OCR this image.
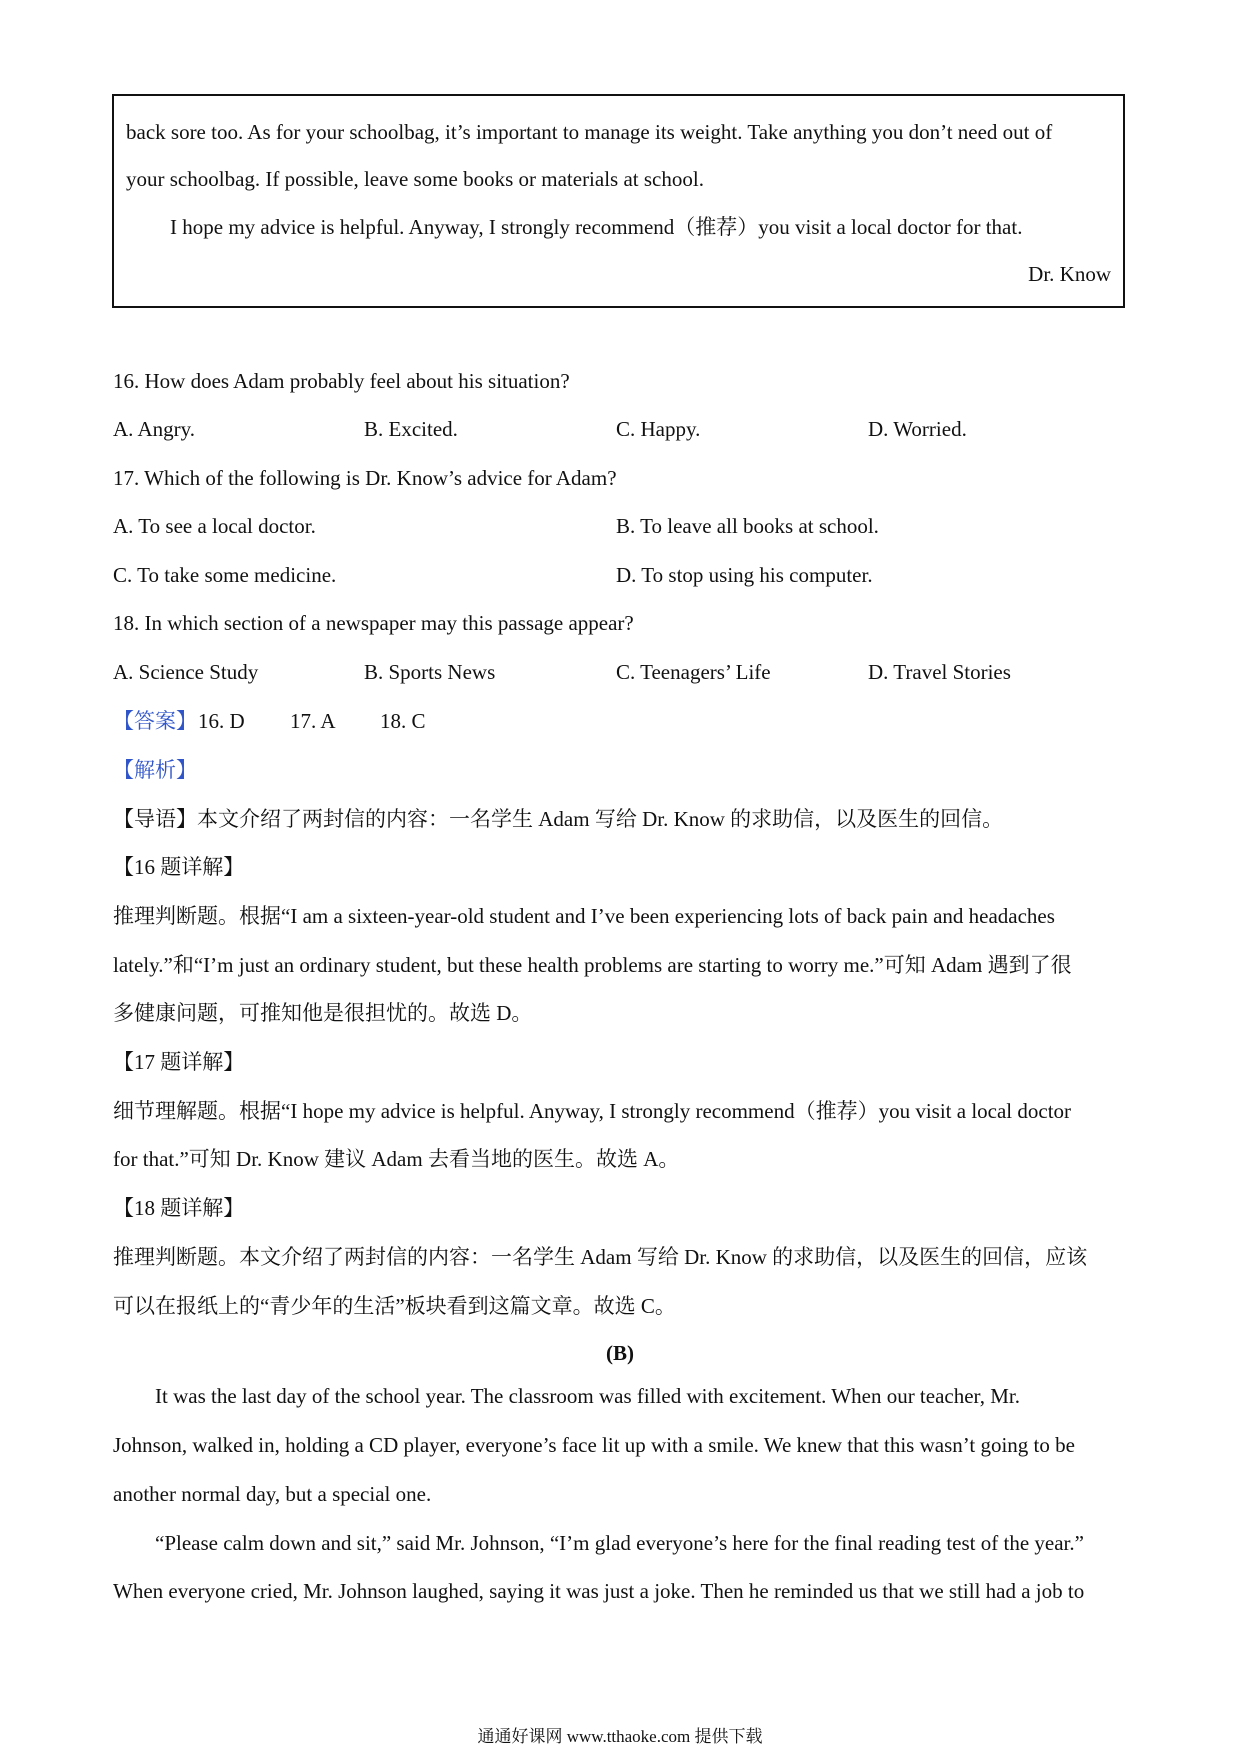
back sore too. As for your schoolbag, it’s important to manage its weight. Take anything you don’t need out of
your schoolbag. If possible, leave some books or materials at school.
I hope my advice is helpful. Anyway, I strongly recommend（推荐）you visit a local doctor for that.
Dr. Know
16. How does Adam probably feel about his situation?
A. Angry.	B. Excited.	C. Happy.	D. Worried.
17. Which of the following is Dr. Know’s advice for Adam?
A. To see a local doctor.	B. To leave all books at school.
C. To take some medicine.	D. To stop using his computer.
18. In which section of a newspaper may this passage appear?
A. Science Study	B. Sports News	C. Teenagers’ Life	D. Travel Stories
【答案】 16. D 17. A 18. C
【解析】
【导语】本文介绍了两封信的内容：一名学生 Adam 写给 Dr. Know 的求助信，以及医生的回信。
【16 题详解】
推理判断题。根据“I am a sixteen-year-old student and I’ve been experiencing lots of back pain and headaches
lately.”和“I’m just an ordinary student, but these health problems are starting to worry me.”可知 Adam 遇到了很
多健康问题，可推知他是很担忧的。故选 D。
【17 题详解】
细节理解题。根据“I hope my advice is helpful. Anyway, I strongly recommend（推荐）you visit a local doctor
for that.”可知 Dr. Know 建议 Adam 去看当地的医生。故选 A。
【18 题详解】
推理判断题。本文介绍了两封信的内容：一名学生 Adam 写给 Dr. Know 的求助信，以及医生的回信，应该
可以在报纸上的“青少年的生活”板块看到这篇文章。故选 C。
(B)
It was the last day of the school year. The classroom was filled with excitement. When our teacher, Mr.
Johnson, walked in, holding a CD player, everyone’s face lit up with a smile. We knew that this wasn’t going to be
another normal day, but a special one.
“Please calm down and sit,” said Mr. Johnson, “I’m glad everyone’s here for the final reading test of the year.”
When everyone cried, Mr. Johnson laughed, saying it was just a joke. Then he reminded us that we still had a job to
通通好课网 www.tthaoke.com 提供下载
